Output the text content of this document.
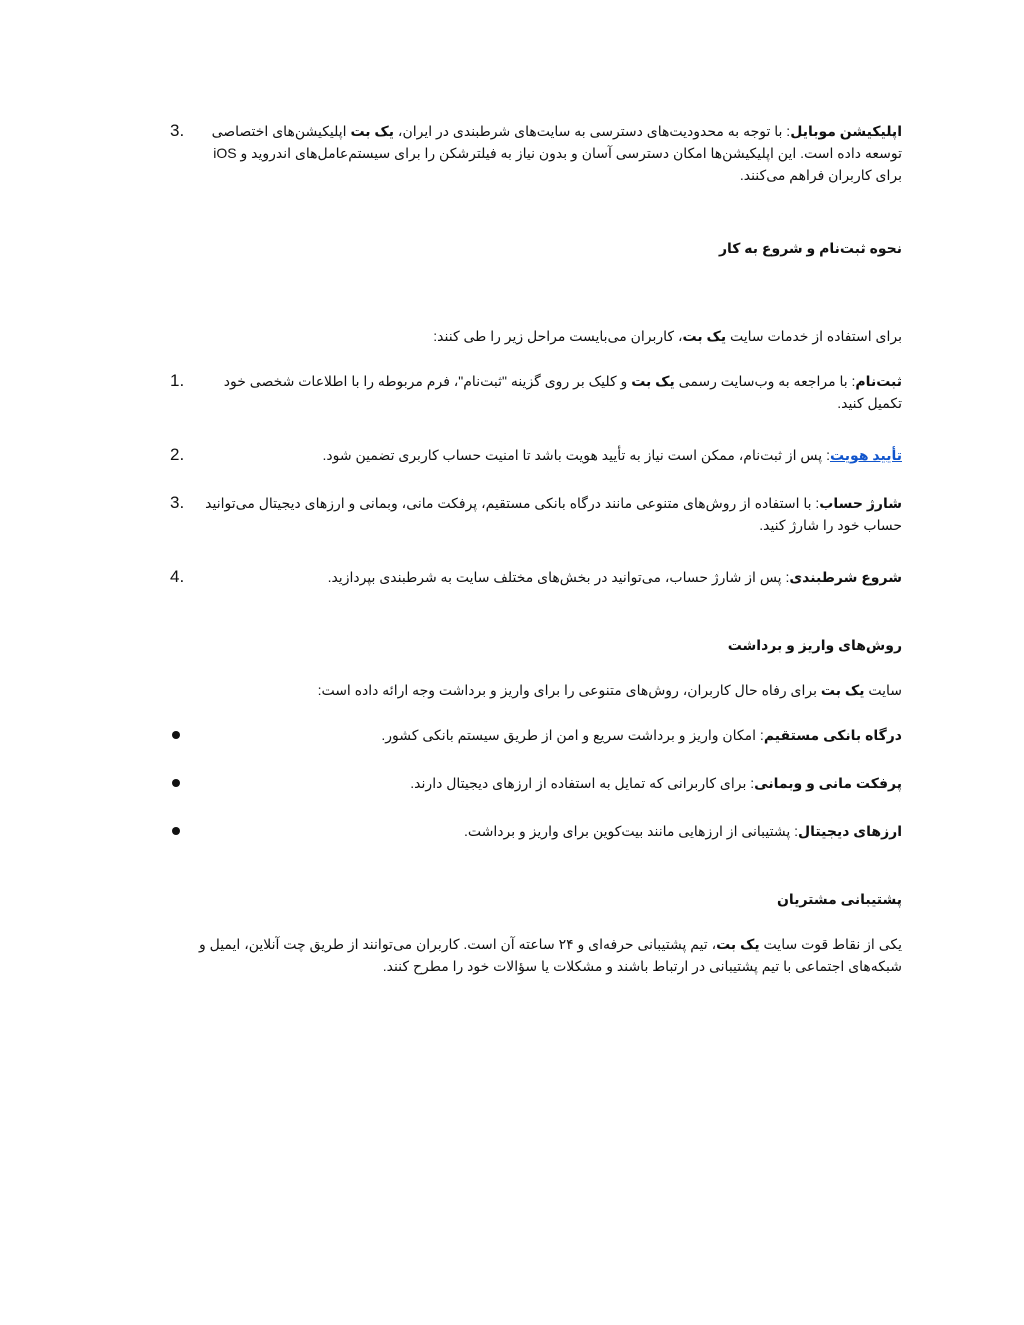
3.	اپلیکیشن موبایل: با توجه به محدودیت‌های دسترسی به سایت‌های شرطبندی در ایران، یک بت اپلیکیشن‌های اختصاصی
توسعه داده است. این اپلیکیشن‌ها امکان دسترسی آسان و بدون نیاز به فیلترشکن را برای سیستم‌عامل‌های اندروید و iOS
برای کاربران فراهم می‌کنند.
نحوه ثبت‌نام و شروع به کار
برای استفاده از خدمات سایت یک بت، کاربران می‌بایست مراحل زیر را طی کنند:
1.	ثبت‌نام: با مراجعه به وب‌سایت رسمی یک بت و کلیک بر روی گزینه "ثبت‌نام"، فرم مربوطه را با اطلاعات شخصی خود
تکمیل کنید.
2.	تأیید هویت: پس از ثبت‌نام، ممکن است نیاز به تأیید هویت باشد تا امنیت حساب کاربری تضمین شود.
3.	شارژ حساب: با استفاده از روش‌های متنوعی مانند درگاه بانکی مستقیم، پرفکت مانی، وبمانی و ارزهای دیجیتال می‌توانید
حساب خود را شارژ کنید.
4.	شروع شرطبندی: پس از شارژ حساب، می‌توانید در بخش‌های مختلف سایت به شرطبندی بپردازید.
روش‌های واریز و برداشت
سایت یک بت برای رفاه حال کاربران، روش‌های متنوعی را برای واریز و برداشت وجه ارائه داده است:
درگاه بانکی مستقیم: امکان واریز و برداشت سریع و امن از طریق سیستم بانکی کشور.
پرفکت مانی و وبمانی: برای کاربرانی که تمایل به استفاده از ارزهای دیجیتال دارند.
ارزهای دیجیتال: پشتیبانی از ارزهایی مانند بیت‌کوین برای واریز و برداشت.
پشتیبانی مشتریان
یکی از نقاط قوت سایت یک بت، تیم پشتیبانی حرفه‌ای و ۲۴ ساعته آن است. کاربران می‌توانند از طریق چت آنلاین، ایمیل و
شبکه‌های اجتماعی با تیم پشتیبانی در ارتباط باشند و مشکلات یا سؤالات خود را مطرح کنند.
